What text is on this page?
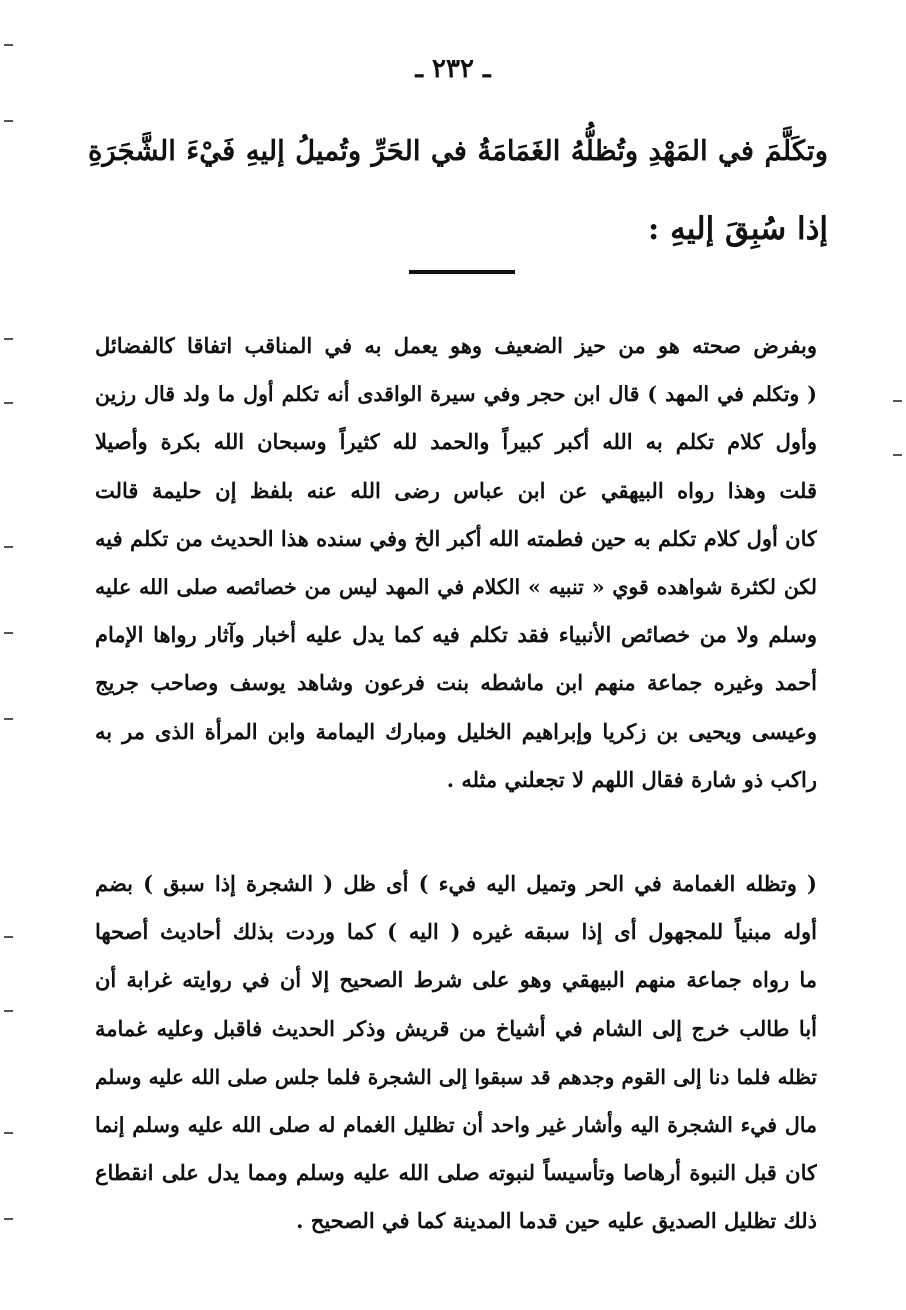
ـ ٢٣٢ ـ
وتكَلَّمَ في المَهْدِ وتُظلُّهُ الغَمَامَةُ في الحَرِّ وتُميلُ إليهِ فَيْءَ الشَّجَرَةِ
إذا سُبِقَ إليهِ :
وبفرض صحته هو من حيز الضعيف وهو يعمل به في المناقب اتفاقا كالفضائل
( وتكلم في المهد ) قال ابن حجر وفي سيرة الواقدى أنه تكلم أول ما ولد قال رزين
وأول كلام تكلم به الله أكبر كبيراً والحمد لله كثيراً وسبحان الله بكرة وأصيلا
قلت وهذا رواه البيهقي عن ابن عباس رضى الله عنه بلفظ إن حليمة قالت
كان أول كلام تكلم به حين فطمته الله أكبر الخ وفي سنده هذا الحديث من تكلم فيه
لكن لكثرة شواهده قوي « تنبيه » الكلام في المهد ليس من خصائصه صلى الله عليه
وسلم ولا من خصائص الأنبياء فقد تكلم فيه كما يدل عليه أخبار وآثار رواها الإمام
أحمد وغيره جماعة منهم ابن ماشطه بنت فرعون وشاهد يوسف وصاحب جريج
وعيسى ويحيى بن زكريا وإبراهيم الخليل ومبارك اليمامة وابن المرأة الذى مر به
راكب ذو شارة فقال اللهم لا تجعلني مثله .
( وتظله الغمامة في الحر وتميل اليه فيء ) أى ظل ( الشجرة إذا سبق ) بضم
أوله مبنياً للمجهول أى إذا سبقه غيره ( اليه ) كما وردت بذلك أحاديث أصحها
ما رواه جماعة منهم البيهقي وهو على شرط الصحيح إلا أن في روايته غرابة أن
أبا طالب خرج إلى الشام في أشياخ من قريش وذكر الحديث فاقبل وعليه غمامة
تظله فلما دنا إلى القوم وجدهم قد سبقوا إلى الشجرة فلما جلس صلى الله عليه وسلم
مال فيء الشجرة اليه وأشار غير واحد أن تظليل الغمام له صلى الله عليه وسلم إنما
كان قبل النبوة أرهاصا وتأسيساً لنبوته صلى الله عليه وسلم ومما يدل على انقطاع
ذلك تظليل الصديق عليه حين قدما المدينة كما في الصحيح .
